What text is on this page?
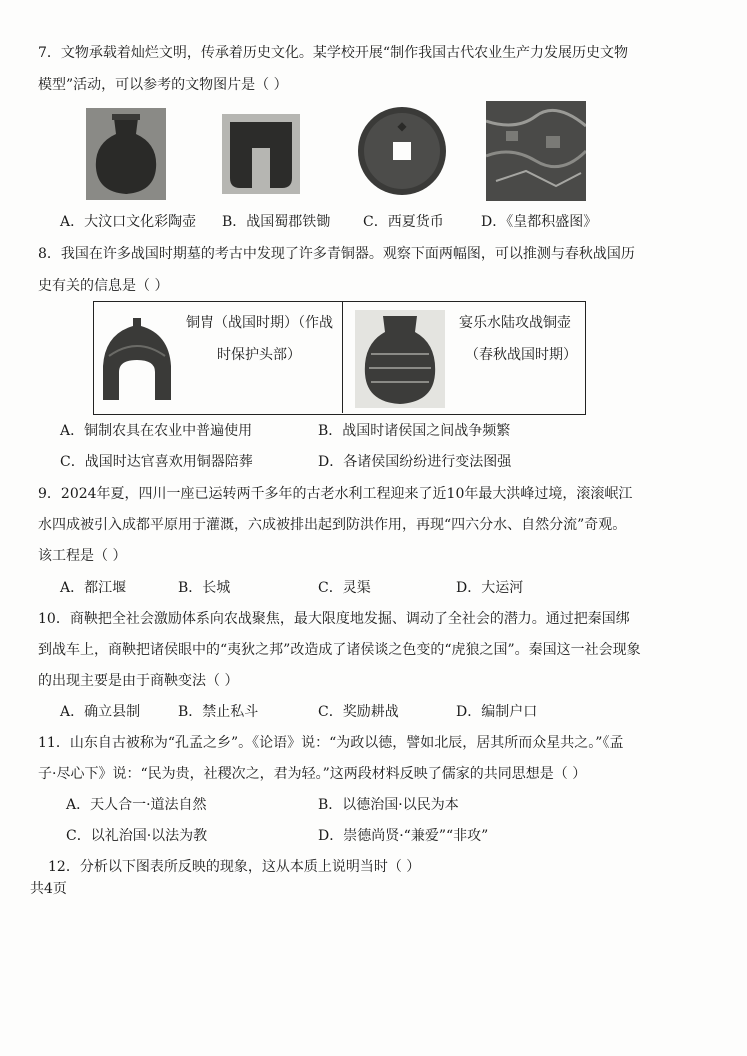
7．文物承载着灿烂文明，传承着历史文化。某学校开展“制作我国古代农业生产力发展历史文物
模型”活动，可以参考的文物图片是（ ）
◆
A．大汶口文化彩陶壶 B．战国蜀郡铁锄 C．西夏货币	D．《皇都积盛图》
8．我国在许多战国时期墓的考古中发现了许多青铜器。观察下面两幅图，可以推测与春秋战国历
史有关的信息是（ ）
铜胄（战国时期）（作战
时保护头部）
宴乐水陆攻战铜壶
（春秋战国时期）
A．铜制农具在农业中普遍使用	B．战国时诸侯国之间战争频繁
C．战国时达官喜欢用铜器陪葬	D．各诸侯国纷纷进行变法图强
9．2024年夏，四川一座已运转两千多年的古老水利工程迎来了近10年最大洪峰过境，滚滚岷江
水四成被引入成都平原用于灌溉，六成被排出起到防洪作用，再现“四六分水、自然分流”奇观。
该工程是（ ）
A．都江堰	B．长城	C．灵渠	D．大运河
10．商鞅把全社会激励体系向农战聚焦，最大限度地发掘、调动了全社会的潜力。通过把秦国绑
到战车上，商鞅把诸侯眼中的“夷狄之邦”改造成了诸侯谈之色变的“虎狼之国”。秦国这一社会现象
的出现主要是由于商鞅变法（ ）
A．确立县制	B．禁止私斗	C．奖励耕战	D．编制户口
11．山东自古被称为“孔孟之乡”。《论语》说：“为政以德，譬如北辰，居其所而众星共之。”《孟
子·尽心下》说：“民为贵，社稷次之，君为轻。”这两段材料反映了儒家的共同思想是（ ）
A．天人合一·道法自然	B．以德治国·以民为本
C．以礼治国·以法为教	D．崇德尚贤·“兼爱”“非攻”
12．分析以下图表所反映的现象，这从本质上说明当时（ ）
共4页
